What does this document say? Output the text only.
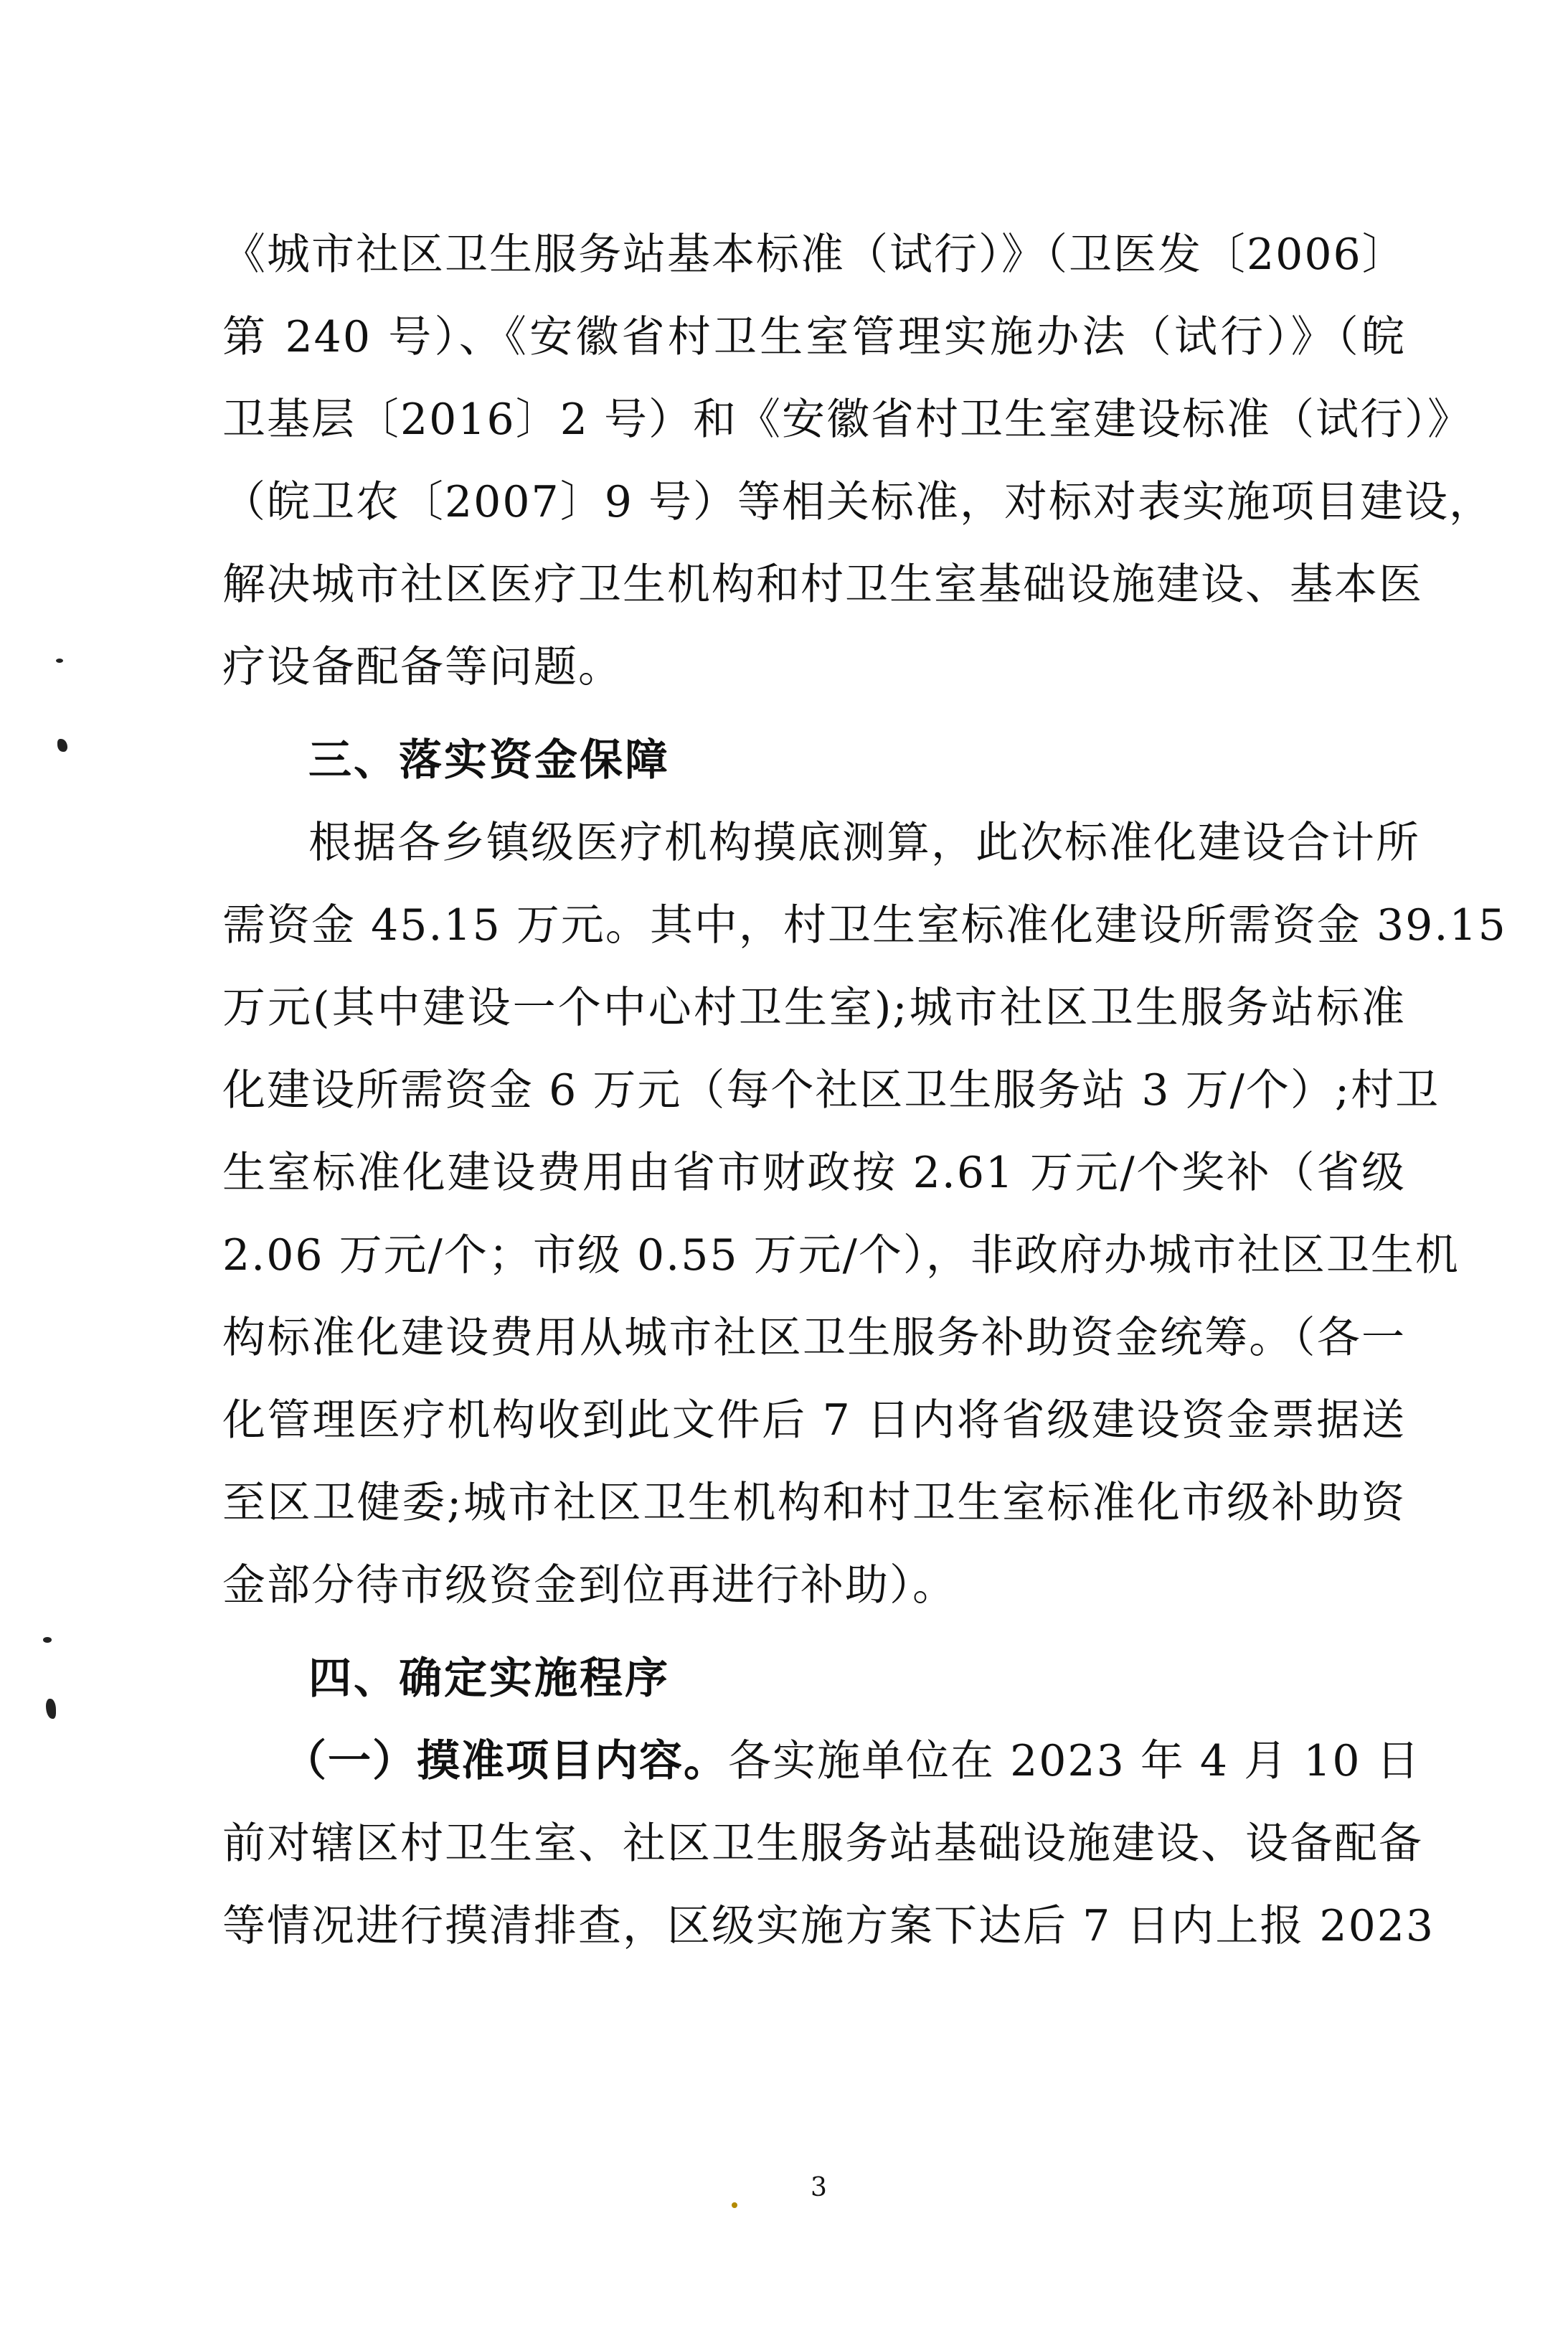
《城市社区卫生服务站基本标准（试行）》（卫医发〔2006〕
第 240 号）、《安徽省村卫生室管理实施办法（试行）》（皖
卫基层〔2016〕2 号）和《安徽省村卫生室建设标准（试行）》
（皖卫农〔2007〕9 号）等相关标准，对标对表实施项目建设，
解决城市社区医疗卫生机构和村卫生室基础设施建设、基本医
疗设备配备等问题。
三、落实资金保障
根据各乡镇级医疗机构摸底测算，此次标准化建设合计所
需资金 45.15 万元。其中，村卫生室标准化建设所需资金 39.15
万元(其中建设一个中心村卫生室);城市社区卫生服务站标准
化建设所需资金 6 万元（每个社区卫生服务站 3 万/个）;村卫
生室标准化建设费用由省市财政按 2.61 万元/个奖补（省级
2.06 万元/个；市级 0.55 万元/个），非政府办城市社区卫生机
构标准化建设费用从城市社区卫生服务补助资金统筹。（各一
化管理医疗机构收到此文件后 7 日内将省级建设资金票据送
至区卫健委;城市社区卫生机构和村卫生室标准化市级补助资
金部分待市级资金到位再进行补助）。
四、确定实施程序
（一）摸准项目内容。各实施单位在 2023 年 4 月 10 日
前对辖区村卫生室、社区卫生服务站基础设施建设、设备配备
等情况进行摸清排查，区级实施方案下达后 7 日内上报 2023
3
